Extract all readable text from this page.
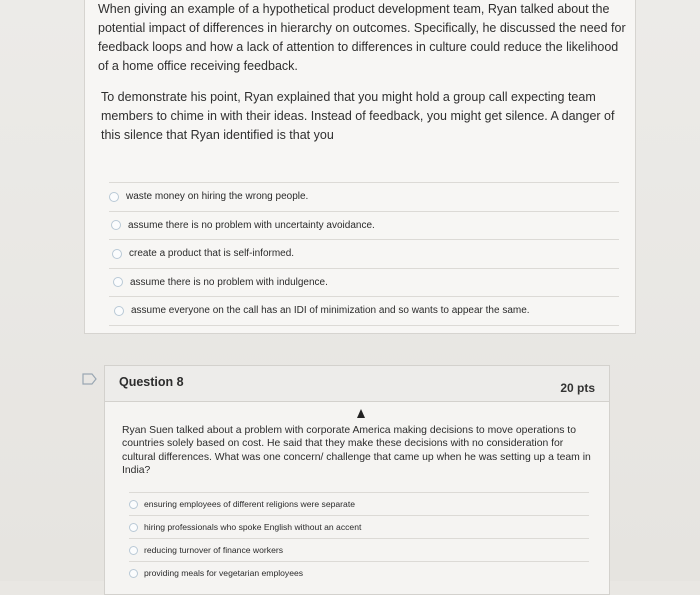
When giving an example of a hypothetical product development team, Ryan talked about the potential impact of differences in hierarchy on outcomes. Specifically, he discussed the need for feedback loops and how a lack of attention to differences in culture could reduce the likelihood of a home office receiving feedback.
To demonstrate his point, Ryan explained that you might hold a group call expecting team members to chime in with their ideas. Instead of feedback, you might get silence. A danger of this silence that Ryan identified is that you
waste money on hiring the wrong people.
assume there is no problem with uncertainty avoidance.
create a product that is self-informed.
assume there is no problem with indulgence.
assume everyone on the call has an IDI of minimization and so wants to appear the same.
Question 8	20 pts
Ryan Suen talked about a problem with corporate America making decisions to move operations to countries solely based on cost. He said that they make these decisions with no consideration for cultural differences. What was one concern/ challenge that came up when he was setting up a team in India?
ensuring employees of different religions were separate
hiring professionals who spoke English without an accent
reducing turnover of finance workers
providing meals for vegetarian employees
